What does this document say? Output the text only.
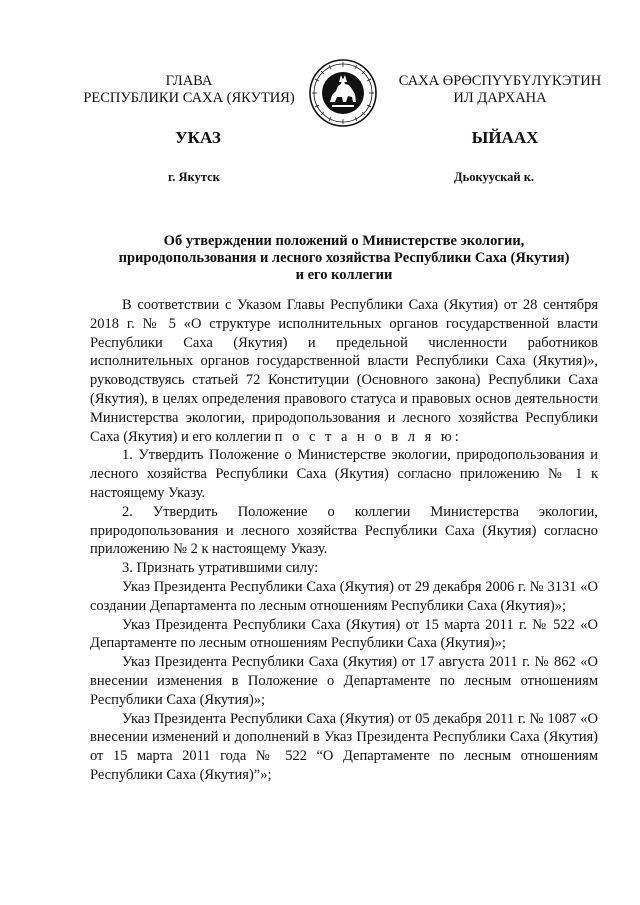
ГЛАВА
РЕСПУБЛИКИ САХА (ЯКУТИЯ)
САХА ӨРӨСПҮҮБҮЛҮКЭТИН
ИЛ ДАРХАНА
УКАЗ	ЫЙААХ
г. Якутск	Дьокуускай к.
Об утверждении положений о Министерстве экологии,
природопользования и лесного хозяйства Республики Саха (Якутия)
и его коллегии

В соответствии с Указом Главы Республики Саха (Якутия) от 28 сентября 2018 г. № 5 «О структуре исполнительных органов государственной власти Республики Саха (Якутия) и предельной численности работников исполнительных органов государственной власти Республики Саха (Якутия)», руководствуясь статьей 72 Конституции (Основного закона) Республики Саха (Якутия), в целях определения правового статуса и правовых основ деятельности Министерства экологии, природопользования и лесного хозяйства Республики Саха (Якутия) и его коллегии п о с т а н о в л я ю:

1. Утвердить Положение о Министерстве экологии, природопользования и лесного хозяйства Республики Саха (Якутия) согласно приложению № 1 к настоящему Указу.

2. Утвердить Положение о коллегии Министерства экологии, природопользования и лесного хозяйства Республики Саха (Якутия) согласно приложению № 2 к настоящему Указу.

3. Признать утратившими силу:

Указ Президента Республики Саха (Якутия) от 29 декабря 2006 г. № 3131 «О создании Департамента по лесным отношениям Республики Саха (Якутия)»;

Указ Президента Республики Саха (Якутия) от 15 марта 2011 г. № 522 «О Департаменте по лесным отношениям Республики Саха (Якутия)»;

Указ Президента Республики Саха (Якутия) от 17 августа 2011 г. № 862 «О внесении изменения в Положение о Департаменте по лесным отношениям Республики Саха (Якутия)»;

Указ Президента Республики Саха (Якутия) от 05 декабря 2011 г. № 1087 «О внесении изменений и дополнений в Указ Президента Республики Саха (Якутия) от 15 марта 2011 года № 522 “О Департаменте по лесным отношениям Республики Саха (Якутия)”»;
